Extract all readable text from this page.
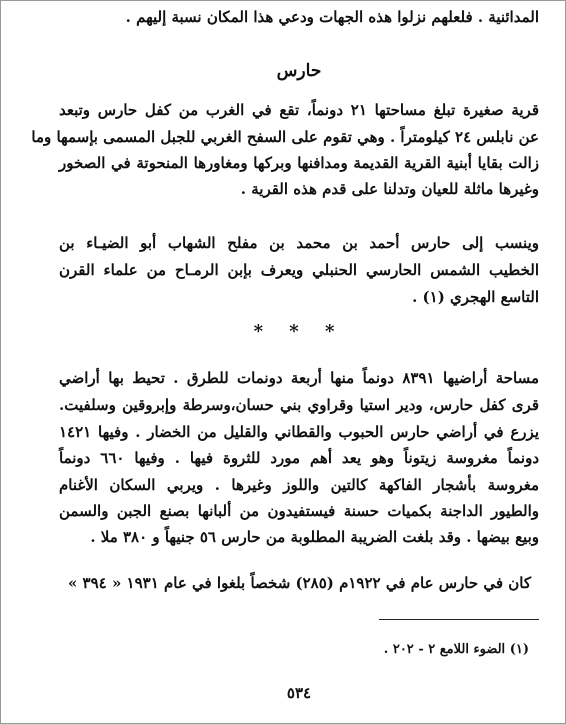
المدائنية . فلعلهم نزلوا هذه الجهات ودعي هذا المكان نسبة إليهم .
حارس
قرية صغيرة تبلغ مساحتها ٢١ دونماً، تقع في الغرب من كفل حارس وتبعد
عن نابلس ٢٤ كيلومتراً . وهي تقوم على السفح الغربي للجبل المسمى بإسمها وما
زالت بقايا أبنية القرية القديمة ومدافنها وبركها ومغاورها المنحوتة في الصخور
وغيرها ماثلة للعيان وتدلنا على قدم هذه القرية .
وينسب إلى حارس أحمد بن محمد بن مفلح الشهاب أبو الضيـاء بن
الخطيب الشمس الحارسي الحنبلي ويعرف بإبن الرمـاح من علماء القرن
التاسع الهجري (١) .
* * *
مساحة أراضيها ٨٣٩١ دونماً منها أربعة دونمات للطرق . تحيط بها أراضي
قرى كفل حارس، ودير استيا وقراوي بني حسان،وسرطة وإبروقين وسلفيت.
يزرع في أراضي حارس الحبوب والقطاني والقليل من الخضار . وفيها ١٤٢١
دونماً مغروسة زيتوناً وهو يعد أهم مورد للثروة فيها . وفيها ٦٦٠ دونماً
مغروسة بأشجار الفاكهة كالتين واللوز وغيرها . ويربي السكان الأغنام
والطيور الداجنة بكميات حسنة فيستفيدون من ألبانها بصنع الجبن والسمن
وبيع بيضها . وقد بلغت الضريبة المطلوبة من حارس ٥٦ جنيهاً و ٣٨٠ ملا .
كان في حارس عام في ١٩٢٢م (٢٨٥) شخصاً بلغوا في عام ١٩٣١ « ٣٩٤ »
(١) الضوء اللامع ٢ - ٢٠٢ .
٥٣٤
